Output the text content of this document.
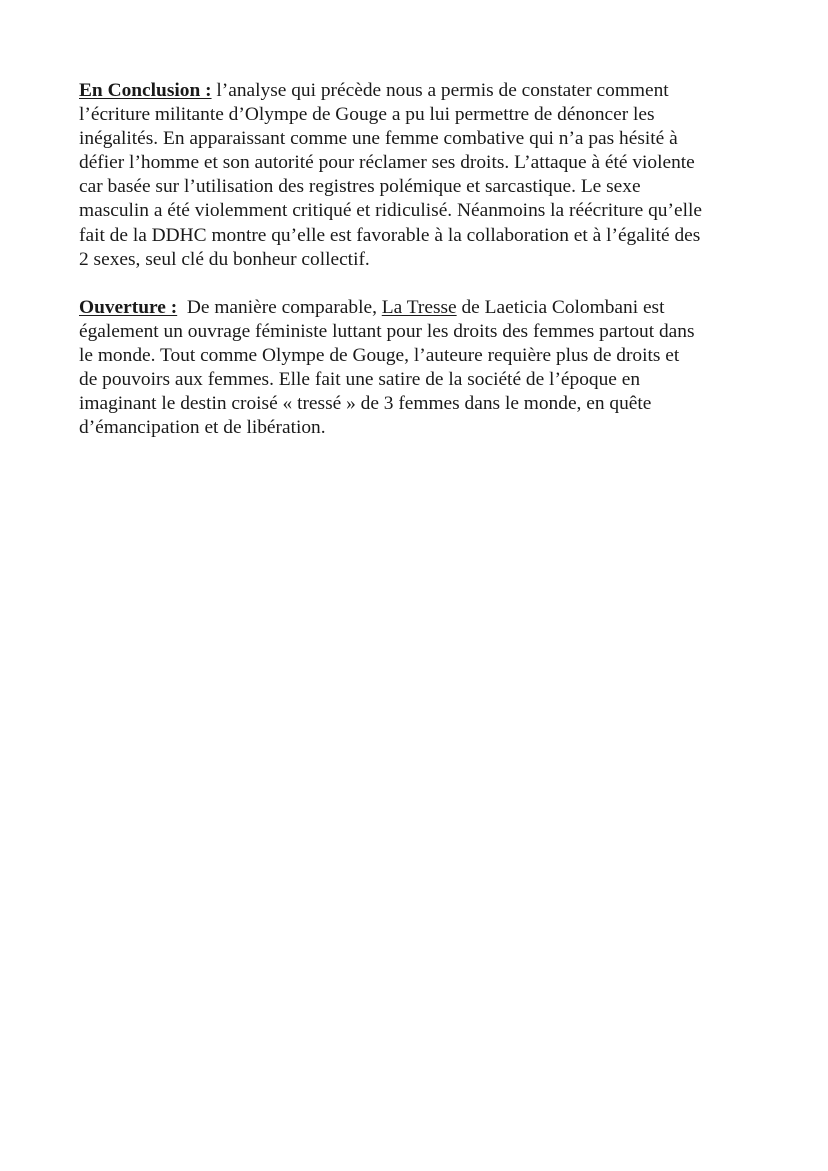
En Conclusion : l’analyse qui précède nous a permis de constater comment
l’écriture militante d’Olympe de Gouge a pu lui permettre de dénoncer les
inégalités. En apparaissant comme une femme combative qui n’a pas hésité à
défier l’homme et son autorité pour réclamer ses droits. L’attaque à été violente
car basée sur l’utilisation des registres polémique et sarcastique. Le sexe
masculin a été violemment critiqué et ridiculisé. Néanmoins la réécriture qu’elle
fait de la DDHC montre qu’elle est favorable à la collaboration et à l’égalité des
2 sexes, seul clé du bonheur collectif.

Ouverture :  De manière comparable, La Tresse de Laeticia Colombani est
également un ouvrage féministe luttant pour les droits des femmes partout dans
le monde. Tout comme Olympe de Gouge, l’auteure requière plus de droits et
de pouvoirs aux femmes. Elle fait une satire de la société de l’époque en
imaginant le destin croisé « tressé » de 3 femmes dans le monde, en quête
d’émancipation et de libération.
